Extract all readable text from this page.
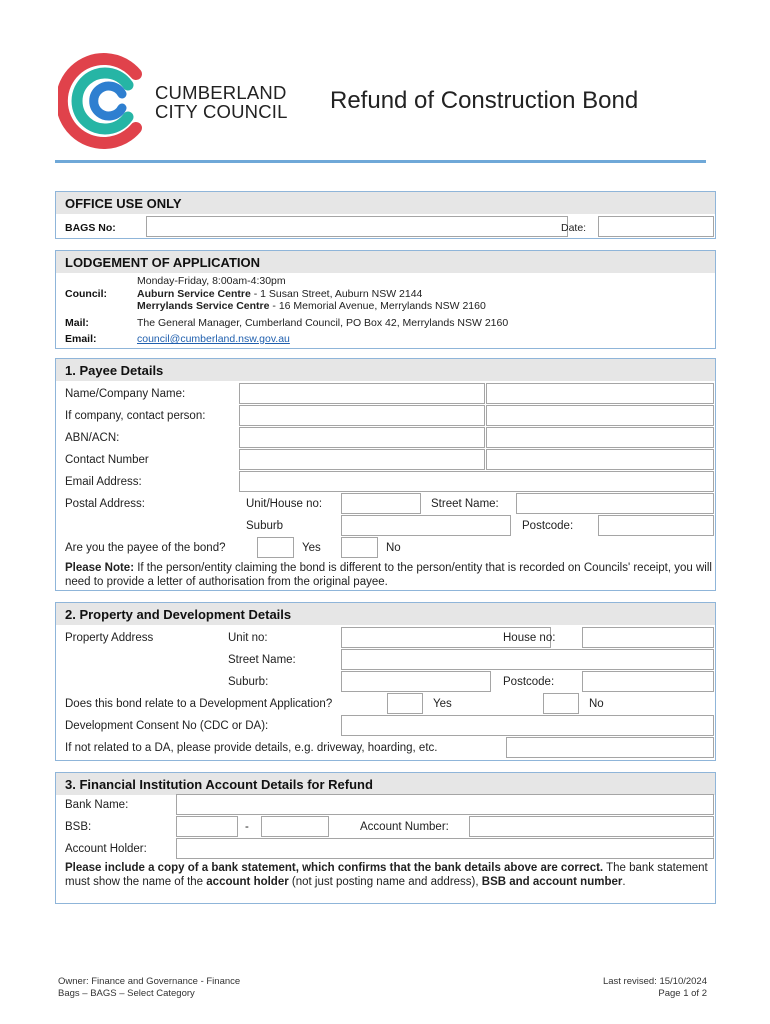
CUMBERLAND
CITY COUNCIL Refund of Construction Bond
OFFICE USE ONLY
BAGS No:	Date:
LODGEMENT OF APPLICATION
Monday-Friday, 8:00am-4:30pm
Council:	Auburn Service Centre - 1 Susan Street, Auburn NSW 2144
Merrylands Service Centre - 16 Memorial Avenue, Merrylands NSW 2160
Mail:	The General Manager, Cumberland Council, PO Box 42, Merrylands NSW 2160
Email:	council@cumberland.nsw.gov.au
1. Payee Details
Name/Company Name:
If company, contact person:
ABN/ACN:
Contact Number
Email Address:
Postal Address:	Unit/House no:	Street Name:
Suburb	Postcode:
Are you the payee of the bond?	Yes	No
Please Note: If the person/entity claiming the bond is different to the person/entity that is recorded on Councils' receipt, you will need to provide a letter of authorisation from the original payee.
2. Property and Development Details
Property Address	Unit no:	House no:
Street Name:
Suburb:	Postcode:
Does this bond relate to a Development Application?	Yes	No
Development Consent No (CDC or DA):
If not related to a DA, please provide details, e.g. driveway, hoarding, etc.
3. Financial Institution Account Details for Refund
Bank Name:
BSB:	-	Account Number:
Account Holder:
Please include a copy of a bank statement, which confirms that the bank details above are correct. The bank statement must show the name of the account holder (not just posting name and address), BSB and account number.
Owner: Finance and Governance - Finance
Bags – BAGS – Select Category
Last revised: 15/10/2024
Page 1 of 2
